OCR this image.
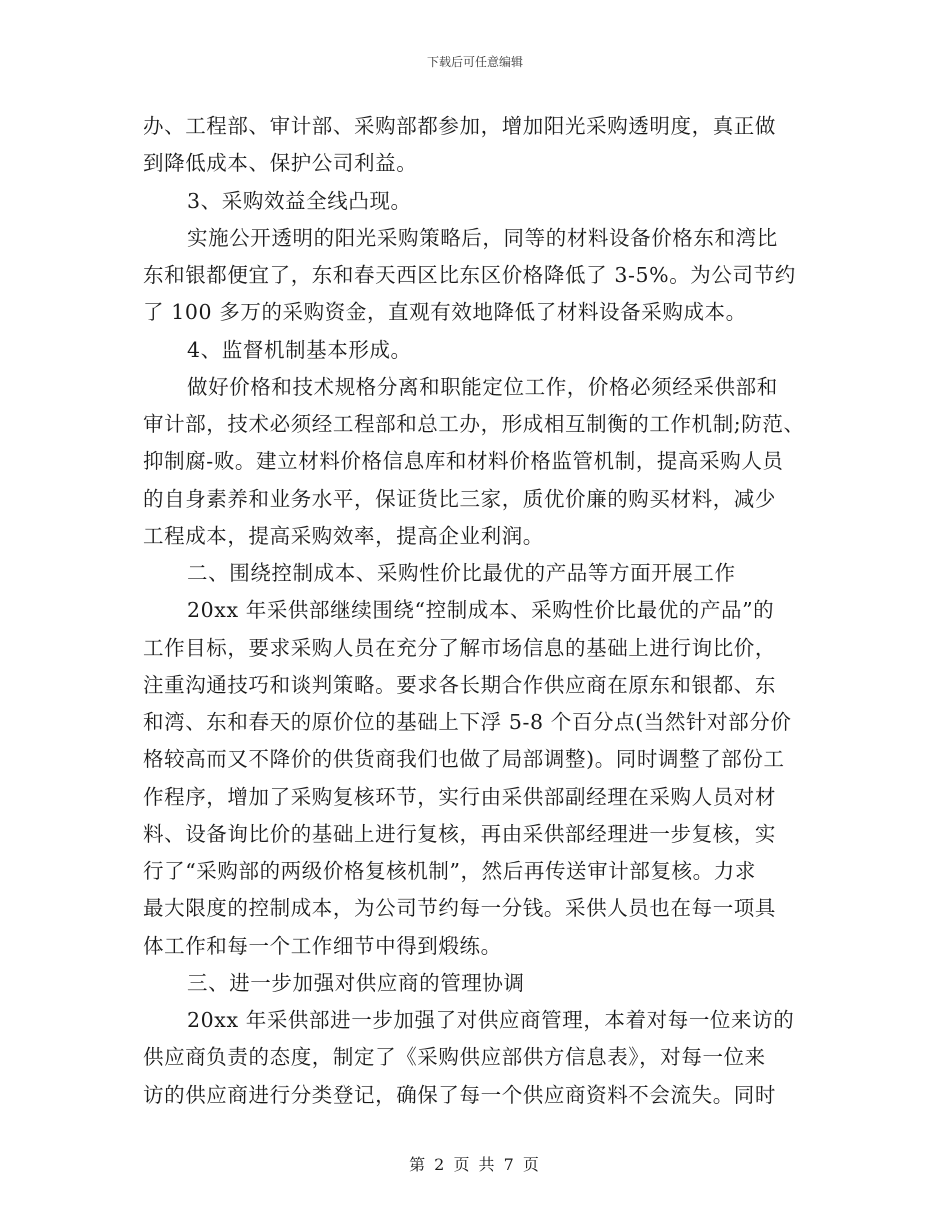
下载后可任意编辑
办、工程部、审计部、采购部都参加，增加阳光采购透明度，真正做
到降低成本、保护公司利益。
3、采购效益全线凸现。
实施公开透明的阳光采购策略后，同等的材料设备价格东和湾比
东和银都便宜了，东和春天西区比东区价格降低了 3-5%。为公司节约
了 100 多万的采购资金，直观有效地降低了材料设备采购成本。
4、监督机制基本形成。
做好价格和技术规格分离和职能定位工作，价格必须经采供部和
审计部，技术必须经工程部和总工办，形成相互制衡的工作机制;防范、
抑制腐-败。建立材料价格信息库和材料价格监管机制，提高采购人员
的自身素养和业务水平，保证货比三家，质优价廉的购买材料，减少
工程成本，提高采购效率，提高企业利润。
二、围绕控制成本、采购性价比最优的产品等方面开展工作
20xx 年采供部继续围绕“控制成本、采购性价比最优的产品”的
工作目标，要求采购人员在充分了解市场信息的基础上进行询比价，
注重沟通技巧和谈判策略。要求各长期合作供应商在原东和银都、东
和湾、东和春天的原价位的基础上下浮 5-8 个百分点(当然针对部分价
格较高而又不降价的供货商我们也做了局部调整)。同时调整了部份工
作程序，增加了采购复核环节，实行由采供部副经理在采购人员对材
料、设备询比价的基础上进行复核，再由采供部经理进一步复核，实
行了“采购部的两级价格复核机制”，然后再传送审计部复核。力求
最大限度的控制成本，为公司节约每一分钱。采供人员也在每一项具
体工作和每一个工作细节中得到煅练。
三、进一步加强对供应商的管理协调
20xx 年采供部进一步加强了对供应商管理，本着对每一位来访的
供应商负责的态度，制定了《采购供应部供方信息表》，对每一位来
访的供应商进行分类登记，确保了每一个供应商资料不会流失。同时
第 2 页 共 7 页
